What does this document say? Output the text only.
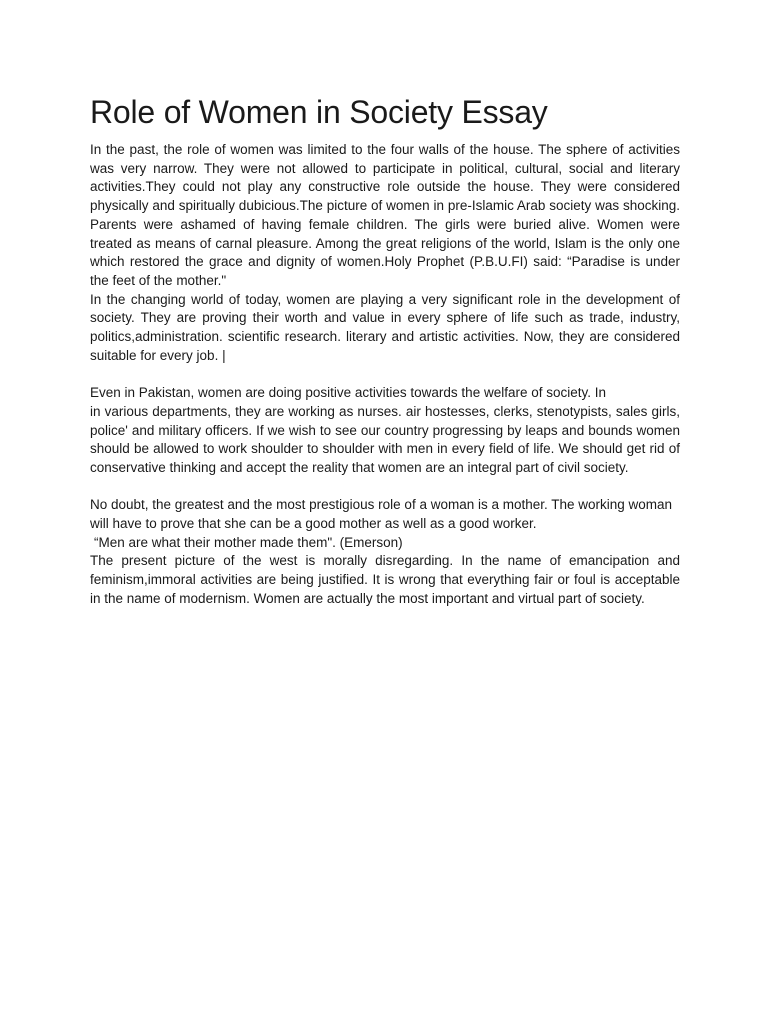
Role of Women in Society Essay

In the past, the role of women was limited to the four walls of the house. The sphere of activities was very narrow. They were not allowed to participate in political, cultural, social and literary activities.They could not play any constructive role outside the house. They were considered physically and spiritually dubicious.The picture of women in pre-Islamic Arab society was shocking. Parents were ashamed of having female children. The girls were buried alive. Women were treated as means of carnal pleasure. Among the great religions of the world, Islam is the only one which restored the grace and dignity of women.Holy Prophet (P.B.U.FI) said: “Paradise is under the feet of the mother."

In the changing world of today, women are playing a very significant role in the development of society. They are proving their worth and value in every sphere of life such as trade, industry, politics,administration. scientific research. literary and artistic activities. Now, they are considered suitable for every job. |

Even in Pakistan, women are doing positive activities towards the welfare of society. In

in various departments, they are working as nurses. air hostesses, clerks, stenotypists, sales girls, police' and military officers. If we wish to see our country progressing by leaps and bounds women should be allowed to work shoulder to shoulder with men in every field of life. We should get rid of conservative thinking and accept the reality that women are an integral part of civil society.

No doubt, the greatest and the most prestigious role of a woman is a mother. The working woman will have to prove that she can be a good mother as well as a good worker.

“Men are what their mother made them". (Emerson)

The present picture of the west is morally disregarding. In the name of emancipation and feminism,immoral activities are being justified. It is wrong that everything fair or foul is acceptable in the name of modernism. Women are actually the most important and virtual part of society.
